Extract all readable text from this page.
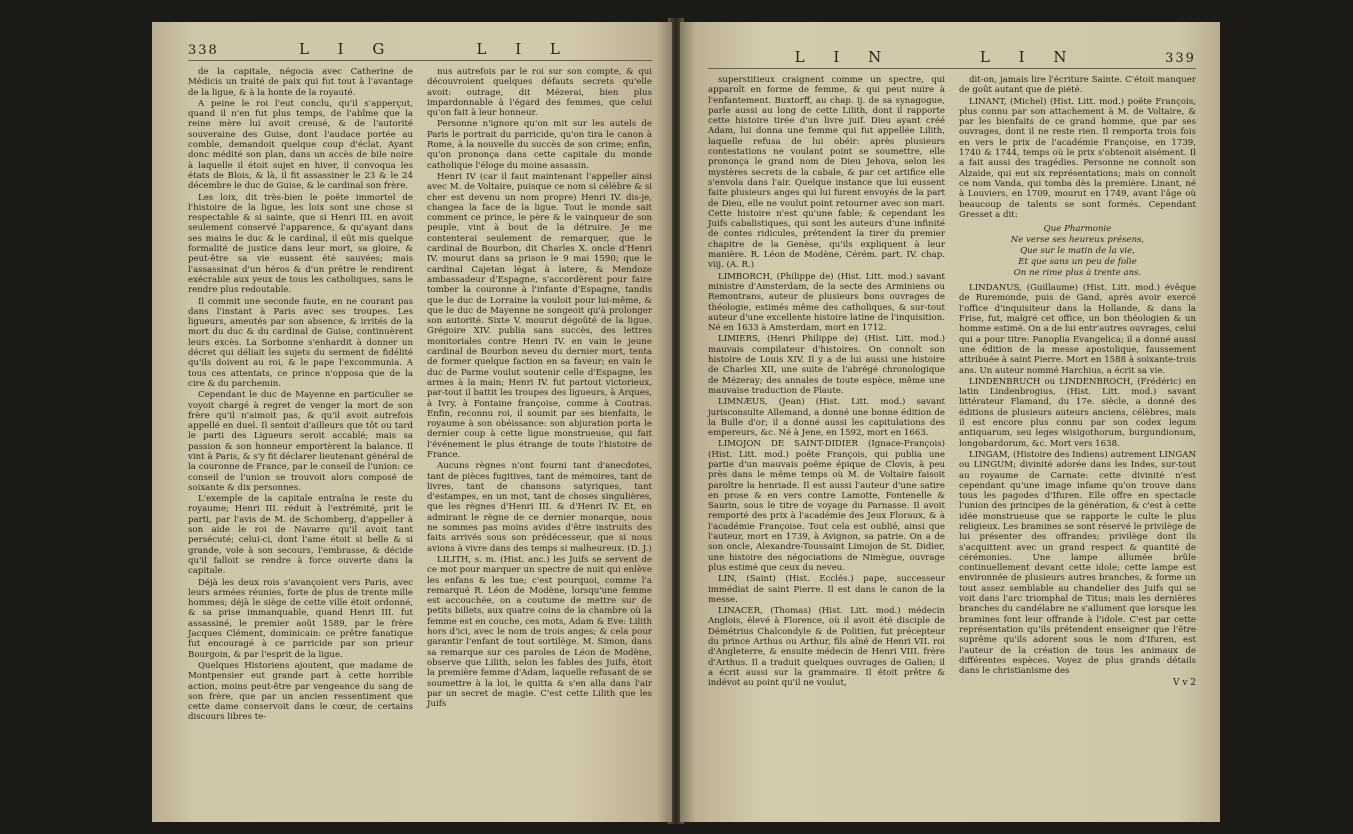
338	L I G	L I L

de la capitale, négocia avec Catherine de Médicis un traité de paix qui fut tout à l'avantage de la ligue, & à la honte de la royauté.

A peine le roi l'eut conclu, qu'il s'apperçut, quand il n'en fut plus temps, de l'abîme que la reine mère lui avoit creusé, & de l'autorité souveraine des Guise, dont l'audace portée au comble, demandoit quelque coup d'éclat. Ayant donc médité son plan, dans un accès de bile noire à laquelle il étoit sujet en hiver, il convoqua les états de Blois, & là, il fit assassiner le 23 & le 24 décembre le duc de Guise, & le cardinal son frère.

Les loix, dit très-bien le poëte immortel de l'histoire de la ligue, les loix sont une chose si respectable & si sainte, que si Henri III. en avoit seulement conservé l'apparence, & qu'ayant dans ses mains le duc & le cardinal, il eût mis quelque formalité de justice dans leur mort, sa gloire, & peut-être sa vie eussent été sauvées; mais l'assassinat d'un héros & d'un prêtre le rendirent exécrable aux yeux de tous les catholiques, sans le rendre plus redoutable.

Il commit une seconde faute, en ne courant pas dans l'instant à Paris avec ses troupes. Les ligueurs, ameutés par son absence, & irrités de la mort du duc & du cardinal de Guise, continuèrent leurs excès. La Sorbonne s'enhardit à donner un décret qui déliait les sujets du serment de fidélité qu'ils doivent au roi, & le pape l'excommunia. A tous ces attentats, ce prince n'opposa que de la cire & du parchemin.

Cependant le duc de Mayenne en particulier se voyoit chargé à regret de venger la mort de son frère qu'il n'aimoit pas, & qu'il avoit autrefois appellé en duel. Il sentoit d'ailleurs que tôt ou tard le parti des Ligueurs seroit accablé; mais sa passion & son honneur emportèrent la balance. Il vint à Paris, & s'y fit déclarer lieutenant général de la couronne de France, par le conseil de l'union: ce conseil de l'union se trouvoit alors composé de soixante & dix personnes.

L'exemple de la capitale entraîna le reste du royaume; Henri III. réduit à l'extrémité, prit le parti, par l'avis de M. de Schomberg, d'appeller à son aide le roi de Navarre qu'il avoit tant persécuté; celui-ci, dont l'ame étoit si belle & si grande, vole à son secours, l'embrasse, & décide qu'il falloit se rendre à force ouverte dans la capitale.

Déjà les deux rois s'avançoient vers Paris, avec leurs armées réunies, forte de plus de trente mille hommes; déjà le siège de cette ville étoit ordonné, & sa prise immanquable, quand Henri III. fut assassiné, le premier août 1589, par le frère Jacques Clément, dominicain: ce prêtre fanatique fut encouragé à ce parricide par son prieur Bourgoin, & par l'esprit de la ligue.

Quelques Historiens ajoutent, que madame de Montpensier eut grande part à cette horrible action, moins peut-être par vengeance du sang de son frère, que par un ancien ressentiment que cette dame conservoit dans le cœur, de certains discours libres te-

nus autrefois par le roi sur son compte, & qui découvroient quelques défauts secrets qu'elle avoit: outrage, dit Mézerai, bien plus impardonnable à l'égard des femmes, que celui qu'on fait à leur honneur.

Personne n'ignore qu'on mit sur les autels de Paris le portrait du parricide, qu'on tira le canon à Rome, à la nouvelle du succès de son crime; enfin, qu'on prononça dans cette capitale du monde catholique l'éloge du moine assassin.

Henri IV (car il faut maintenant l'appeller ainsi avec M. de Voltaire, puisque ce nom si célèbre & si cher est devenu un nom propre) Henri IV. dis-je, changea la face de la ligue. Tout le monde sait comment ce prince, le père & le vainqueur de son peuple, vint à bout de la détruire. Je me contenterai seulement de remarquer, que le cardinal de Bourbon, dit Charles X. oncle d'Henri IV. mourut dans sa prison le 9 mai 1590; que le cardinal Cajetan légat à latere, & Mendoze ambassadeur d'Espagne, s'accordèrent pour faire tomber la couronne à l'infante d'Espagne, tandis que le duc de Lorraine la vouloit pour lui-même, & que le duc de Mayenne ne songeoit qu'à prolonger son autorité. Sixte V. mourut dégoûté de la ligue. Grégoire XIV. publia sans succès, des lettres monitoriales contre Henri IV. en vain le jeune cardinal de Bourbon neveu du dernier mort, tenta de former quelque faction en sa faveur; en vain le duc de Parme voulut soutenir celle d'Espagne, les armes à la main; Henri IV. fut partout victorieux, par-tout il battit les troupes des ligueurs, à Arques, à Ivry, à Fontaine françoise, comme à Coutras. Enfin, reconnu roi, il soumit par ses bienfaits, le royaume à son obéissance: son abjuration porta le dernier coup à cette ligue monstrueuse, qui fait l'événement le plus étrange de toute l'histoire de France.

Aucuns règnes n'ont fourni tant d'anecdotes, tant de pièces fugitives, tant de mémoires, tant de livres, tant de chansons satyriques, tant d'estampes, en un mot, tant de choses singulières, que les règnes d'Henri III. & d'Henri IV. Et, en admirant le règne de ce dernier monarque, nous ne sommes pas moins avides d'être instruits des faits arrivés sous son prédécesseur, que si nous avions à vivre dans des temps si malheureux. (D. J.)

LILITH, s. m. (Hist. anc.) les Juifs se servent de ce mot pour marquer un spectre de nuit qui enlève les enfans & les tue; c'est pourquoi, comme l'a remarqué R. Léon de Modène, lorsqu'une femme est accouchée, on a coutume de mettre sur de petits billets, aux quatre coins de la chambre où la femme est en couche, ces mots, Adam & Eve: Lilith hors d'ici, avec le nom de trois anges; & cela pour garantir l'enfant de tout sortilège. M. Simon, dans sa remarque sur ces paroles de Léon de Modène, observe que Lilith, selon les fables des Juifs, étoit la première femme d'Adam, laquelle refusant de se soumettre à la loi, le quitta & s'en alla dans l'air par un secret de magie. C'est cette Lilith que les Juifs

L I N	L I N	339

superstitieux craignent comme un spectre, qui apparoît en forme de femme, & qui peut nuire à l'enfantement. Buxtorff, au chap. ij. de sa synagogue, parle aussi au long de cette Lilith, dont il rapporte cette histoire tirée d'un livre juif. Dieu ayant créé Adam, lui donna une femme qui fut appellée Lilith, laquelle refusa de lui obéir: après plusieurs contestations ne voulant point se soumettre, elle prononça le grand nom de Dieu Jehova, selon les mystères secrets de la cabale, & par cet artifice elle s'envola dans l'air. Quelque instance que lui eussent faite plusieurs anges qui lui furent envoyés de la part de Dieu, elle ne voulut point retourner avec son mari. Cette histoire n'est qu'une fable; & cependant les Juifs cabalistiques, qui sont les auteurs d'une infinité de contes ridicules, prétendent la tirer du premier chapitre de la Genèse, qu'ils expliquent à leur manière. R. Léon de Modène, Cérém. part. IV. chap. viij. (A. R.)

LIMBORCH, (Philippe de) (Hist. Litt. mod.) savant ministre d'Amsterdam, de la secte des Arminiens ou Remontrans, auteur de plusieurs bons ouvrages de théologie, estimés même des catholiques, & sur-tout auteur d'une excellente histoire latine de l'inquisition. Né en 1633 à Amsterdam, mort en 1712.

LIMIERS, (Henri Philippe de) (Hist. Litt. mod.) mauvais compilateur d'histoires. On connoît son histoire de Louis XIV. Il y a de lui aussi une histoire de Charles XII, une suite de l'abrégé chronologique de Mézeray; des annales de toute espèce, même une mauvaise traduction de Plaute.

LIMNÆUS, (Jean) (Hist. Litt. mod.) savant jurisconsulte Allemand, a donné une bonne édition de la Bulle d'or; il a donné aussi les capitulations des empereurs, &c. Né à Jene, en 1592, mort en 1663.

LIMOJON DE SAINT-DIDIER (Ignace-François) (Hist. Litt. mod.) poëte François, qui publia une partie d'un mauvais poëme épique de Clovis, à peu près dans le même temps où M. de Voltaire faisoit paroître la henriade. Il est aussi l'auteur d'une satire en prose & en vers contre Lamotte, Fontenelle & Saurin, sous le titre de voyage du Parnasse. Il avoit remporté des prix à l'académie des Jeux Floraux, & à l'académie Françoise. Tout cela est oublié, ainsi que l'auteur, mort en 1739, à Avignon, sa patrie. On a de son oncle, Alexandre-Toussaint Limojon de St. Didier, une histoire des négociations de Nimègue, ouvrage plus estimé que ceux du neveu.

LIN, (Saint) (Hist. Ecclés.) pape, successeur immédiat de saint Pierre. Il est dans le canon de la messe.

LINACER, (Thomas) (Hist. Litt. mod.) médecin Anglois, élevé à Florence, où il avoit été disciple de Démétrius Chalcondyle & de Politien, fut précepteur du prince Arthus ou Arthur, fils aîné de Henri VII. roi d'Angleterre, & ensuite médecin de Henri VIII. frère d'Arthus. Il a traduit quelques ouvrages de Galien; il a écrit aussi sur la grammaire. Il étoit prêtre & indévot au point qu'il ne voulut,

dit-on, jamais lire l'écriture Sainte. C'étoit manquer de goût autant que de piété.

LINANT, (Michel) (Hist. Litt. mod.) poëte François, plus connu par son attachement à M. de Voltaire, & par les bienfaits de ce grand homme, que par ses ouvrages, dont il ne reste rien. Il remporta trois fois en vers le prix de l'académie Françoise, en 1739, 1740 & 1744, temps où le prix s'obtenoit aisément. Il a fait aussi des tragédies. Personne ne connoît son Alzaide, qui eut six représentations; mais on connoît ce nom Vanda, qui tomba dès la première. Linant, né à Louviers, en 1709, mourut en 1749, avant l'âge où beaucoup de talents se sont formés. Cependant Gresset a dit:

Que Pharmonie
Ne verse ses heureux présens,
Que sur le matin de la vie,
Et que sans un peu de folie
On ne rime plus à trente ans.

LINDANUS, (Guillaume) (Hist. Litt. mod.) évêque de Ruremonde, puis de Gand, après avoir exercé l'office d'inquisiteur dans la Hollande, & dans la Frise, fut, malgré cet office, un bon théologien & un homme estimé. On a de lui entr'autres ouvrages, celui qui a pour titre: Panoplia Evangelica; il a donné aussi une édition de la messe apostolique, faussement attribuée à saint Pierre. Mort en 1588 à soixante-trois ans. Un auteur nommé Harchius, a écrit sa vie.

LINDENBRUCH ou LINDENBROCH, (Frédéric) en latin Lindenbrogius, (Hist. Litt. mod.) savant littérateur Flamand, du 17e. siècle, a donné des éditions de plusieurs auteurs anciens, célèbres, mais il est encore plus connu par son codex legum antiquarum, seu leges wisigothorum, burgundionum, longobardorum, &c. Mort vers 1638.

LINGAM, (Histoire des Indiens) autrement LINGAN ou LINGUM; divinité adorée dans les Indes, sur-tout au royaume de Carnate: cette divinité n'est cependant qu'une image infame qu'on trouve dans tous les pagodes d'Ifuren. Elle offre en spectacle l'union des principes de la génération, & c'est à cette idée monstrueuse que se rapporte le culte le plus religieux. Les bramines se sont réservé le privilège de lui présenter des offrandes; privilège dont ils s'acquittent avec un grand respect & quantité de cérémonies. Une lampe allumée brûle continuellement devant cette idole; cette lampe est environnée de plusieurs autres branches, & forme un tout assez semblable au chandelier des Juifs qui se voit dans l'arc triomphal de Titus; mais les dernières branches du candélabre ne s'allument que lorsque les bramines font leur offrande à l'idole. C'est par cette représentation qu'ils prétendent enseigner que l'être suprême qu'ils adorent sous le nom d'Ifuren, est l'auteur de la création de tous les animaux de différentes espèces. Voyez de plus grands détails dans le christianisme des

V v 2
